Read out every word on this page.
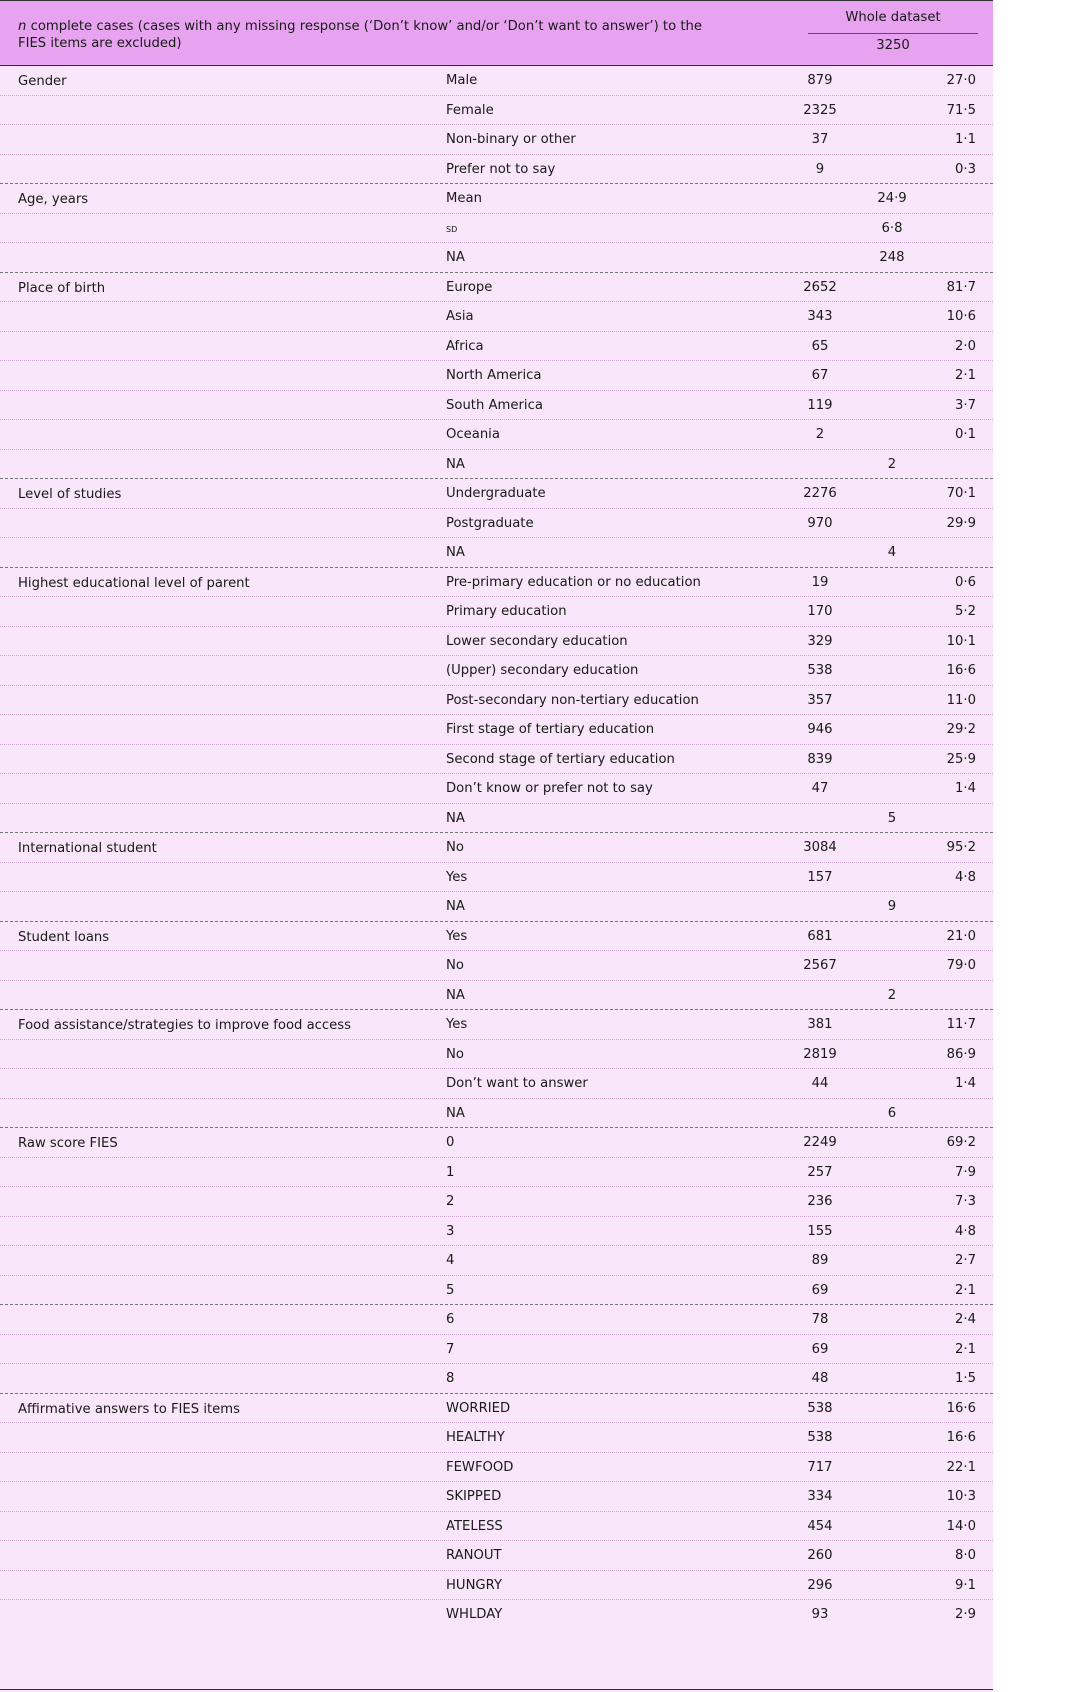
n complete cases (cases with any missing response (‘Don’t know’ and/or ‘Don’t want to answer’) to the FIES items are excluded)
Whole dataset
3250
Gender	Male	879	27·0
Female	2325	71·5
Non-binary or other	37	1·1
Prefer not to say	9	0·3
Age, years	Mean	24·9
sd	6·8
NA	248
Place of birth	Europe	2652	81·7
Asia	343	10·6
Africa	65	2·0
North America	67	2·1
South America	119	3·7
Oceania	2	0·1
NA	2
Level of studies	Undergraduate	2276	70·1
Postgraduate	970	29·9
NA	4
Highest educational level of parent	Pre-primary education or no education	19	0·6
Primary education	170	5·2
Lower secondary education	329	10·1
(Upper) secondary education	538	16·6
Post-secondary non-tertiary education	357	11·0
First stage of tertiary education	946	29·2
Second stage of tertiary education	839	25·9
Don’t know or prefer not to say	47	1·4
NA	5
International student	No	3084	95·2
Yes	157	4·8
NA	9
Student loans	Yes	681	21·0
No	2567	79·0
NA	2
Food assistance/strategies to improve food access	Yes	381	11·7
No	2819	86·9
Don’t want to answer	44	1·4
NA	6
Raw score FIES	0	2249	69·2
1	257	7·9
2	236	7·3
3	155	4·8
4	89	2·7
5	69	2·1
6	78	2·4
7	69	2·1
8	48	1·5
Affirmative answers to FIES items	WORRIED	538	16·6
HEALTHY	538	16·6
FEWFOOD	717	22·1
SKIPPED	334	10·3
ATELESS	454	14·0
RANOUT	260	8·0
HUNGRY	296	9·1
WHLDAY	93	2·9
